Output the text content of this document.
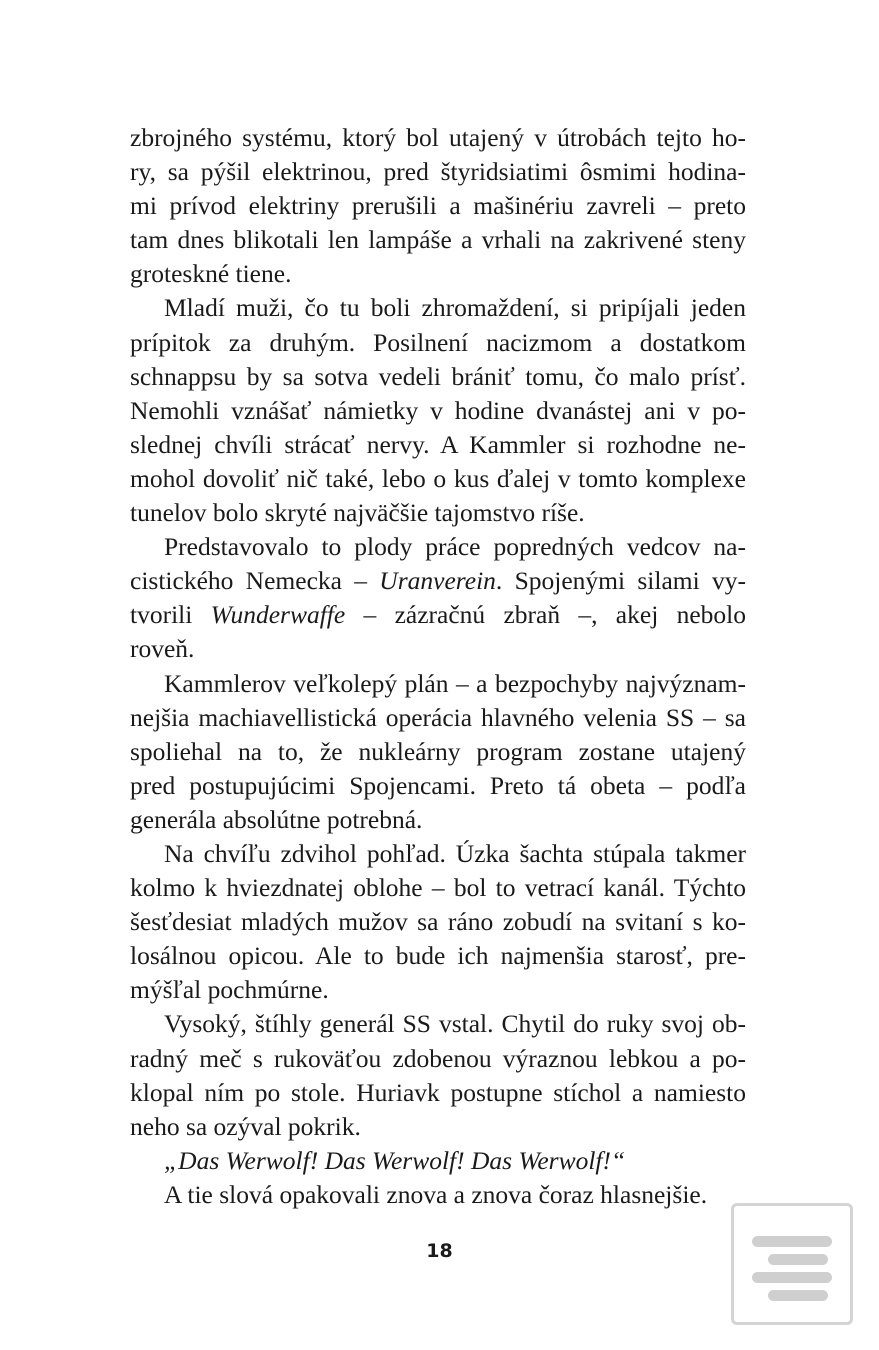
zbrojného systému, ktorý bol utajený v útrobách tejto ho-
ry, sa pýšil elektrinou, pred štyridsiatimi ôsmimi hodina-
mi prívod elektriny prerušili a mašinériu zavreli – preto
tam dnes blikotali len lampáše a vrhali na zakrivené steny
groteskné tiene.
Mladí muži, čo tu boli zhromaždení, si pripíjali jeden
prípitok za druhým. Posilnení nacizmom a dostatkom
schnappsu by sa sotva vedeli brániť tomu, čo malo prísť.
Nemohli vznášať námietky v hodine dvanástej ani v po-
slednej chvíli strácať nervy. A Kammler si rozhodne ne-
mohol dovoliť nič také, lebo o kus ďalej v tomto komplexe
tunelov bolo skryté najväčšie tajomstvo ríše.
Predstavovalo to plody práce popredných vedcov na-
cistického Nemecka – Uranverein. Spojenými silami vy-
tvorili Wunderwaffe – zázračnú zbraň –, akej nebolo
roveň.
Kammlerov veľkolepý plán – a bezpochyby najvýznam-
nejšia machiavellistická operácia hlavného velenia SS – sa
spoliehal na to, že nukleárny program zostane utajený
pred postupujúcimi Spojencami. Preto tá obeta – podľa
generála absolútne potrebná.
Na chvíľu zdvihol pohľad. Úzka šachta stúpala takmer
kolmo k hviezdnatej oblohe – bol to vetrací kanál. Týchto
šesťdesiat mladých mužov sa ráno zobudí na svitaní s ko-
losálnou opicou. Ale to bude ich najmenšia starosť, pre-
mýšľal pochmúrne.
Vysoký, štíhly generál SS vstal. Chytil do ruky svoj ob-
radný meč s rukoväťou zdobenou výraznou lebkou a po-
klopal ním po stole. Huriavk postupne stíchol a namiesto
neho sa ozýval pokrik.
„Das Werwolf! Das Werwolf! Das Werwolf!“
A tie slová opakovali znova a znova čoraz hlasnejšie.
18
